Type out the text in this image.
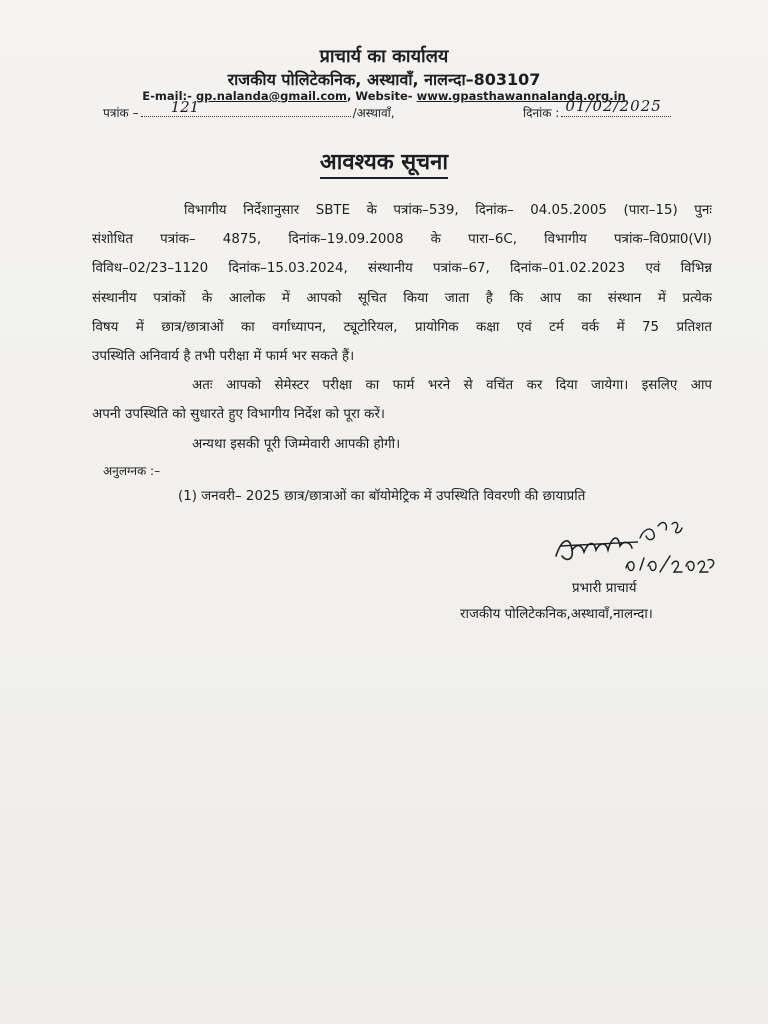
प्राचार्य का कार्यालय
राजकीय पोलिटेकनिक, अस्थावाँ, नालन्दा–803107
E-mail:- gp.nalanda@gmail.com, Website- www.gpasthawannalanda.org.in
पत्रांक – 121	/अस्थावाँ,	दिनांक : 01/02/2025
आवश्यक सूचना
विभागीय निर्देशानुसार SBTE के पत्रांक–539, दिनांक– 04.05.2005 (पारा–15) पुनः
संशोधित पत्रांक– 4875, दिनांक–19.09.2008 के पारा–6C, विभागीय पत्रांक–वि0प्रा0(VI)
विविध–02/23–1120 दिनांक–15.03.2024, संस्थानीय पत्रांक–67, दिनांक–01.02.2023 एवं विभिन्न
संस्थानीय पत्रांकों के आलोक में आपको सूचित किया जाता है कि आप का संस्थान में प्रत्येक
विषय में छात्र/छात्राओं का वर्गाध्यापन, ट्यूटोरियल, प्रायोगिक कक्षा एवं टर्म वर्क में 75 प्रतिशत
उपस्थिति अनिवार्य है तभी परीक्षा में फार्म भर सकते हैं।
अतः आपको सेमेस्टर परीक्षा का फार्म भरने से वचिंत कर दिया जायेगा। इसलिए आप
अपनी उपस्थिति को सुधारते हुए विभागीय निर्देश को पूरा करें।
अन्यथा इसकी पूरी जिम्मेवारी आपकी होगी।
अनुलग्नक :–
(1) जनवरी– 2025 छात्र/छात्राओं का बॉयोमेट्रिक में उपस्थिति विवरणी की छायाप्रति
प्रभारी प्राचार्य
राजकीय पोलिटेकनिक,अस्थावाँ,नालन्दा।
